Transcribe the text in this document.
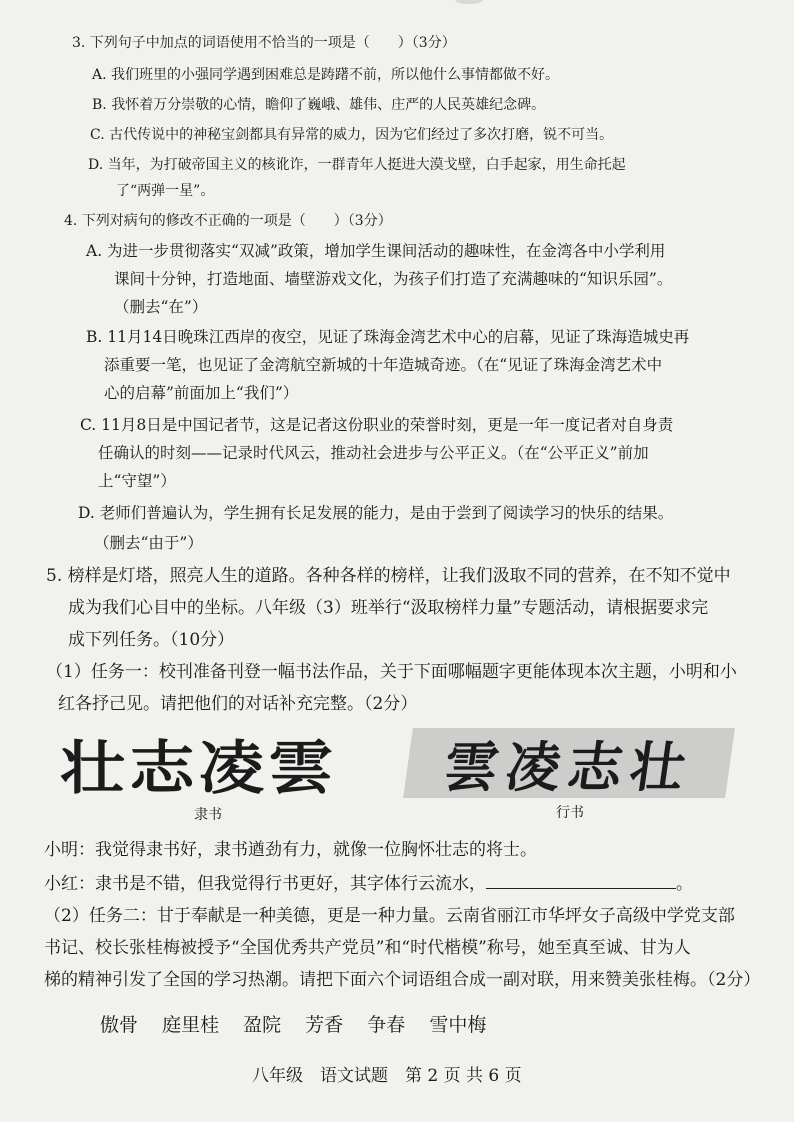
3. 下列句子中加点的词语使用不恰当的一项是（　　）（3分）
A. 我们班里的小强同学遇到困难总是踌躇不前，所以他什么事情都做不好。
B. 我怀着万分崇敬的心情，瞻仰了巍峨、雄伟、庄严的人民英雄纪念碑。
C. 古代传说中的神秘宝剑都具有异常的威力，因为它们经过了多次打磨，锐不可当。
D. 当年，为打破帝国主义的核讹诈，一群青年人挺进大漠戈壁，白手起家，用生命托起
了“两弹一星”。
4. 下列对病句的修改不正确的一项是（　　）（3分）
A. 为进一步贯彻落实“双减”政策，增加学生课间活动的趣味性，在金湾各中小学利用
课间十分钟，打造地面、墙壁游戏文化，为孩子们打造了充满趣味的“知识乐园”。
（删去“在”）
B. 11月14日晚珠江西岸的夜空，见证了珠海金湾艺术中心的启幕，见证了珠海造城史再
添重要一笔，也见证了金湾航空新城的十年造城奇迹。（在“见证了珠海金湾艺术中
心的启幕”前面加上“我们”）
C. 11月8日是中国记者节，这是记者这份职业的荣誉时刻，更是一年一度记者对自身责
任确认的时刻——记录时代风云，推动社会进步与公平正义。（在“公平正义”前加
上“守望”）
D. 老师们普遍认为，学生拥有长足发展的能力，是由于尝到了阅读学习的快乐的结果。
（删去“由于”）
5. 榜样是灯塔，照亮人生的道路。各种各样的榜样，让我们汲取不同的营养，在不知不觉中
成为我们心目中的坐标。八年级（3）班举行“汲取榜样力量”专题活动，请根据要求完
成下列任务。（10分）
（1）任务一：校刊准备刊登一幅书法作品，关于下面哪幅题字更能体现本次主题，小明和小
红各抒己见。请把他们的对话补充完整。（2分）
壮志凌雲	雲凌志壮
隶书	行书
小明：我觉得隶书好，隶书遒劲有力，就像一位胸怀壮志的将士。
小红：隶书是不错，但我觉得行书更好，其字体行云流水，	。
（2）任务二：甘于奉献是一种美德，更是一种力量。云南省丽江市华坪女子高级中学党支部
书记、校长张桂梅被授予“全国优秀共产党员”和“时代楷模”称号，她至真至诚、甘为人
梯的精神引发了全国的学习热潮。请把下面六个词语组合成一副对联，用来赞美张桂梅。（2分）
傲骨 庭里桂 盈院 芳香 争春 雪中梅
八年级　语文试题　第 2 页 共 6 页
